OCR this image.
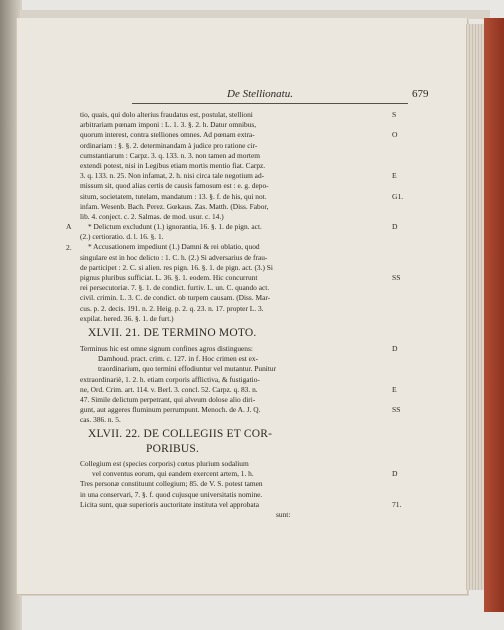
De Stellionatu.	679
tio, quais, qui dolo alterius fraudatus est, postulat, stellioni
arbitrariam pœnam imponi : L. 1. 3. §. 2. h. Datur omnibus,
quorum interest, contra stelliones omnes. Ad pœnam extra-
ordinariam : §. §. 2. determinandam à judice pro ratione cir-
cumstantiarum : Carpz. 3. q. 133. n. 3. non tamen ad mortem
extendi potest, nisi in Legibus etiam mortis mentio fiat. Carpz.
3. q. 133. n. 25. Non infamat, 2. h. nisi circa tale negotium ad-
missum sit, quod alias certis de causis famosum est : e. g. depo-
situm, societatem, tutelam, mandatum : 13. §. f. de his, qui not.
infam. Wesenb. Bach. Perez. Gœkaus. Zas. Matth. (Diss. Fabor,
lib. 4. conject. c. 2. Salmas. de mod. usur. c. 14.)
* Delictum excludunt (1.) ignorantia, 16. §. 1. de pign. act.
(2.) certioratio. d. l. 16. §. 1.
* Accusationem impediunt (1.) Damni & rei oblatio, quod
singulare est in hoc delicto : 1. C. h. (2.) Si adversarius de frau-
de participet : 2. C. si alien. res pign. 16. §. 1. de pign. act. (3.) Si
pignus pluribus sufficiat. L. 36. §. 1. eodem. Hic concurrunt
rei persecutoriæ. 7. §. 1. de condict. furtiv. L. un. C. quando act.
civil. crimin. L. 3. C. de condict. ob turpem causam. (Diss. Mar-
cus. p. 2. decis. 191. n. 2. Heig. p. 2. q. 23. n. 17. propter L. 3.
expilat. hered. 36. §. 1. de furt.)
S
O
E
G1.
D
SS
A
2.
XLVII. 21. DE TERMINO MOTO.
Terminus hic est omne signum confines agros distinguens:
Damhoud. pract. crim. c. 127. in f. Hoc crimen est ex-
traordinarium, quo termini effodiuntur vel mutantur. Punitur
extraordinariè, 1. 2. h. etiam corporis afflictiva, & fustigatio-
ne, Ord. Crim. art. 114. v. Berl. 3. concl. 52. Carpz. q. 83. n.
47. Simile delictum perpetrant, qui alveum dolose alio diri-
gunt, aut aggeres fluminum perrumpunt. Menoch. de A. J. Q.
cas. 386. n. 5.
D
E
SS
XLVII. 22. DE COLLEGIIS ET COR-
PORIBUS.
Collegium est (species corporis) cœtus plurium sodalium
vel conventus eorum, qui eandem exercent artem, 1. h.
Tres personæ constituunt collegium; 85. de V. S. potest tamen
in una conservari, 7. §. f. quod cujusque universitatis nomine.
Licita sunt, quæ superioris auctoritate instituta vel approbata
sunt:
D
71.
